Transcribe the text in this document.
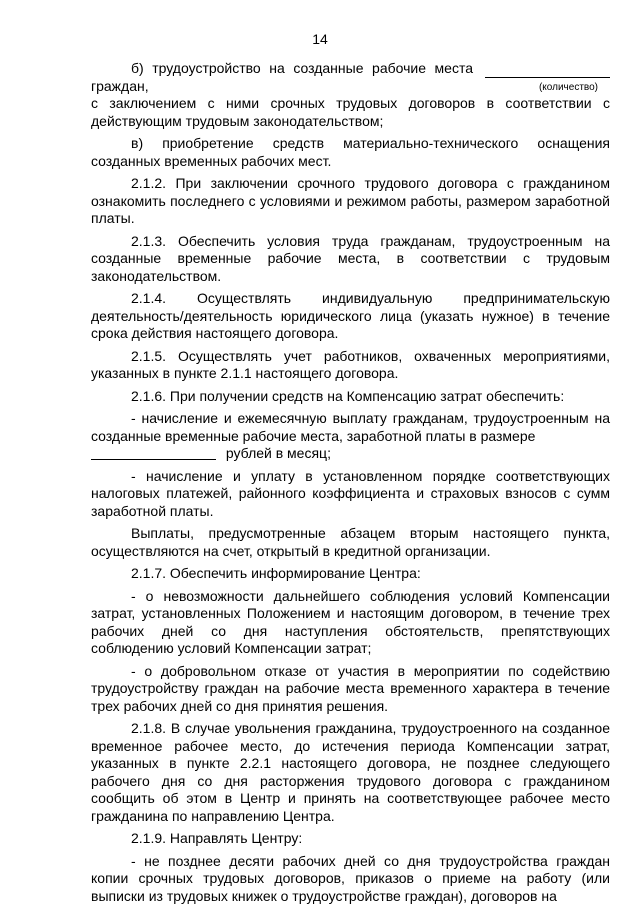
14
б) трудоустройство на созданные рабочие места
граждан,	(количество)
с заключением с ними срочных трудовых договоров в соответствии с действующим трудовым законодательством;
в) приобретение средств материально-технического оснащения созданных временных рабочих мест.
2.1.2. При заключении срочного трудового договора с гражданином ознакомить последнего с условиями и режимом работы, размером заработной платы.
2.1.3. Обеспечить условия труда гражданам, трудоустроенным на созданные временные рабочие места, в соответствии с трудовым законодательством.
2.1.4. Осуществлять индивидуальную предпринимательскую деятельность/деятельность юридического лица (указать нужное) в течение срока действия настоящего договора.
2.1.5. Осуществлять учет работников, охваченных мероприятиями, указанных в пункте 2.1.1 настоящего договора.
2.1.6. При получении средств на Компенсацию затрат обеспечить:
- начисление и ежемесячную выплату гражданам, трудоустроенным на созданные временные рабочие места, заработной платы в размере
рублей в месяц;
- начисление и уплату в установленном порядке соответствующих налоговых платежей, районного коэффициента и страховых взносов с сумм заработной платы.
Выплаты, предусмотренные абзацем вторым настоящего пункта, осуществляются на счет, открытый в кредитной организации.
2.1.7. Обеспечить информирование Центра:
- о невозможности дальнейшего соблюдения условий Компенсации затрат, установленных Положением и настоящим договором, в течение трех рабочих дней со дня наступления обстоятельств, препятствующих соблюдению условий Компенсации затрат;
- о добровольном отказе от участия в мероприятии по содействию трудоустройству граждан на рабочие места временного характера в течение трех рабочих дней со дня принятия решения.
2.1.8. В случае увольнения гражданина, трудоустроенного на созданное временное рабочее место, до истечения периода Компенсации затрат, указанных в пункте 2.2.1 настоящего договора, не позднее следующего рабочего дня со дня расторжения трудового договора с гражданином сообщить об этом в Центр и принять на соответствующее рабочее место гражданина по направлению Центра.
2.1.9. Направлять Центру:
- не позднее десяти рабочих дней со дня трудоустройства граждан копии срочных трудовых договоров, приказов о приеме на работу (или выписки из трудовых книжек о трудоустройстве граждан), договоров на
